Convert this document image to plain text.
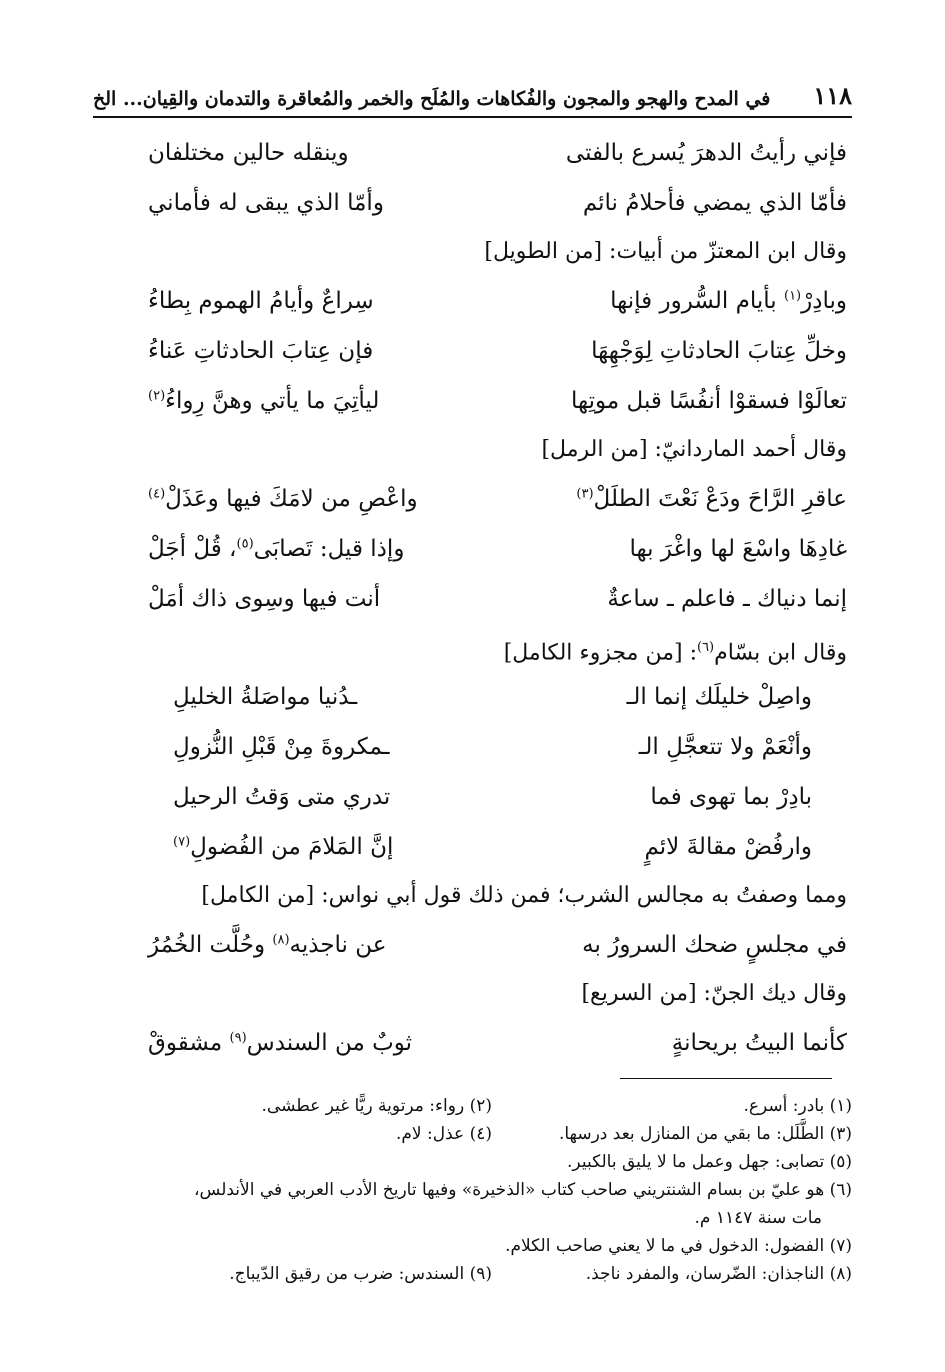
١١٨
في المدح والهجو والمجون والفُكاهات والمُلَح والخمر والمُعاقرة والتدمان والقِيان... الخ
فإني رأيتُ الدهرَ يُسرع بالفتى
وينقله حالين مختلفان
فأمّا الذي يمضي فأحلامُ نائم
وأمّا الذي يبقى له فأماني
وقال ابن المعتزّ من أبيات: [من الطويل]
وبادِرْ$^{(١)}$ بأيام السُّرور فإنها
سِراعٌ وأيامُ الهموم بِطاءُ
وخلِّ عِتابَ الحادثاتِ لِوَجْهِهَا
فإن عِتابَ الحادثاتِ عَناءُ
تعالَوْا فسقوْا أنفُسًا قبل موتِها
ليأتِيَ ما يأتي وهنَّ رِواءُ$^{(٢)}$
وقال أحمد الماردانيّ: [من الرمل]
عاقرِ الرَّاحَ ودَعْ نَعْتَ الطلَلْ$^{(٣)}$
واعْصِ من لامَكَ فيها وعَذَلْ$^{(٤)}$
غادِهَا واسْعَ لها واغْرَ بها
وإذا قيل: تَصابَى$^{(٥)}$، قُلْ أجَلْ
إنما دنياك ـ فاعلم ـ ساعةٌ
أنت فيها وسِوى ذاك أمَلْ
وقال ابن بسّام$^{(٦)}$: [من مجزوء الكامل]
واصِلْ خليلَك إنما الـ
ـدُنيا مواصَلةُ الخليلِ
وأنْعَمْ ولا تتعجَّلِ الـ
ـمكروةَ مِنْ قَبْلِ النُّزولِ
بادِرْ بما تهوى فما
تدري متى وَقتُ الرحيل
وارفُضْ مقالةَ لائمٍ
إنَّ المَلامَ من الفُضولِ$^{(٧)}$
ومما وصفتُ به مجالس الشرب؛ فمن ذلك قول أبي نواس: [من الكامل]
في مجلسٍ ضحك السرورُ به
عن ناجذيه$^{(٨)}$ وحُلَّت الخُمُرُ
وقال ديك الجنّ: [من السريع]
كأنما البيتُ بريحانةٍ
ثوبٌ من السندس$^{(٩)}$ مشقوقْ
(١) بادر: أسرع.
(٢) رواء: مرتوية ريًّا غير عطشى.
(٣) الطَّلَل: ما بقي من المنازل بعد درسها.
(٤) عذل: لام.
(٥) تصابى: جهل وعمل ما لا يليق بالكبير.
(٦) هو عليّ بن بسام الشنتريني صاحب كتاب «الذخيرة» وفيها تاريخ الأدب العربي في الأندلس،
مات سنة ١١٤٧ م.
(٧) الفضول: الدخول في ما لا يعني صاحب الكلام.
(٨) الناجذان: الضّرسان، والمفرد ناجذ.
(٩) السندس: ضرب من رقيق الدّيباج.
